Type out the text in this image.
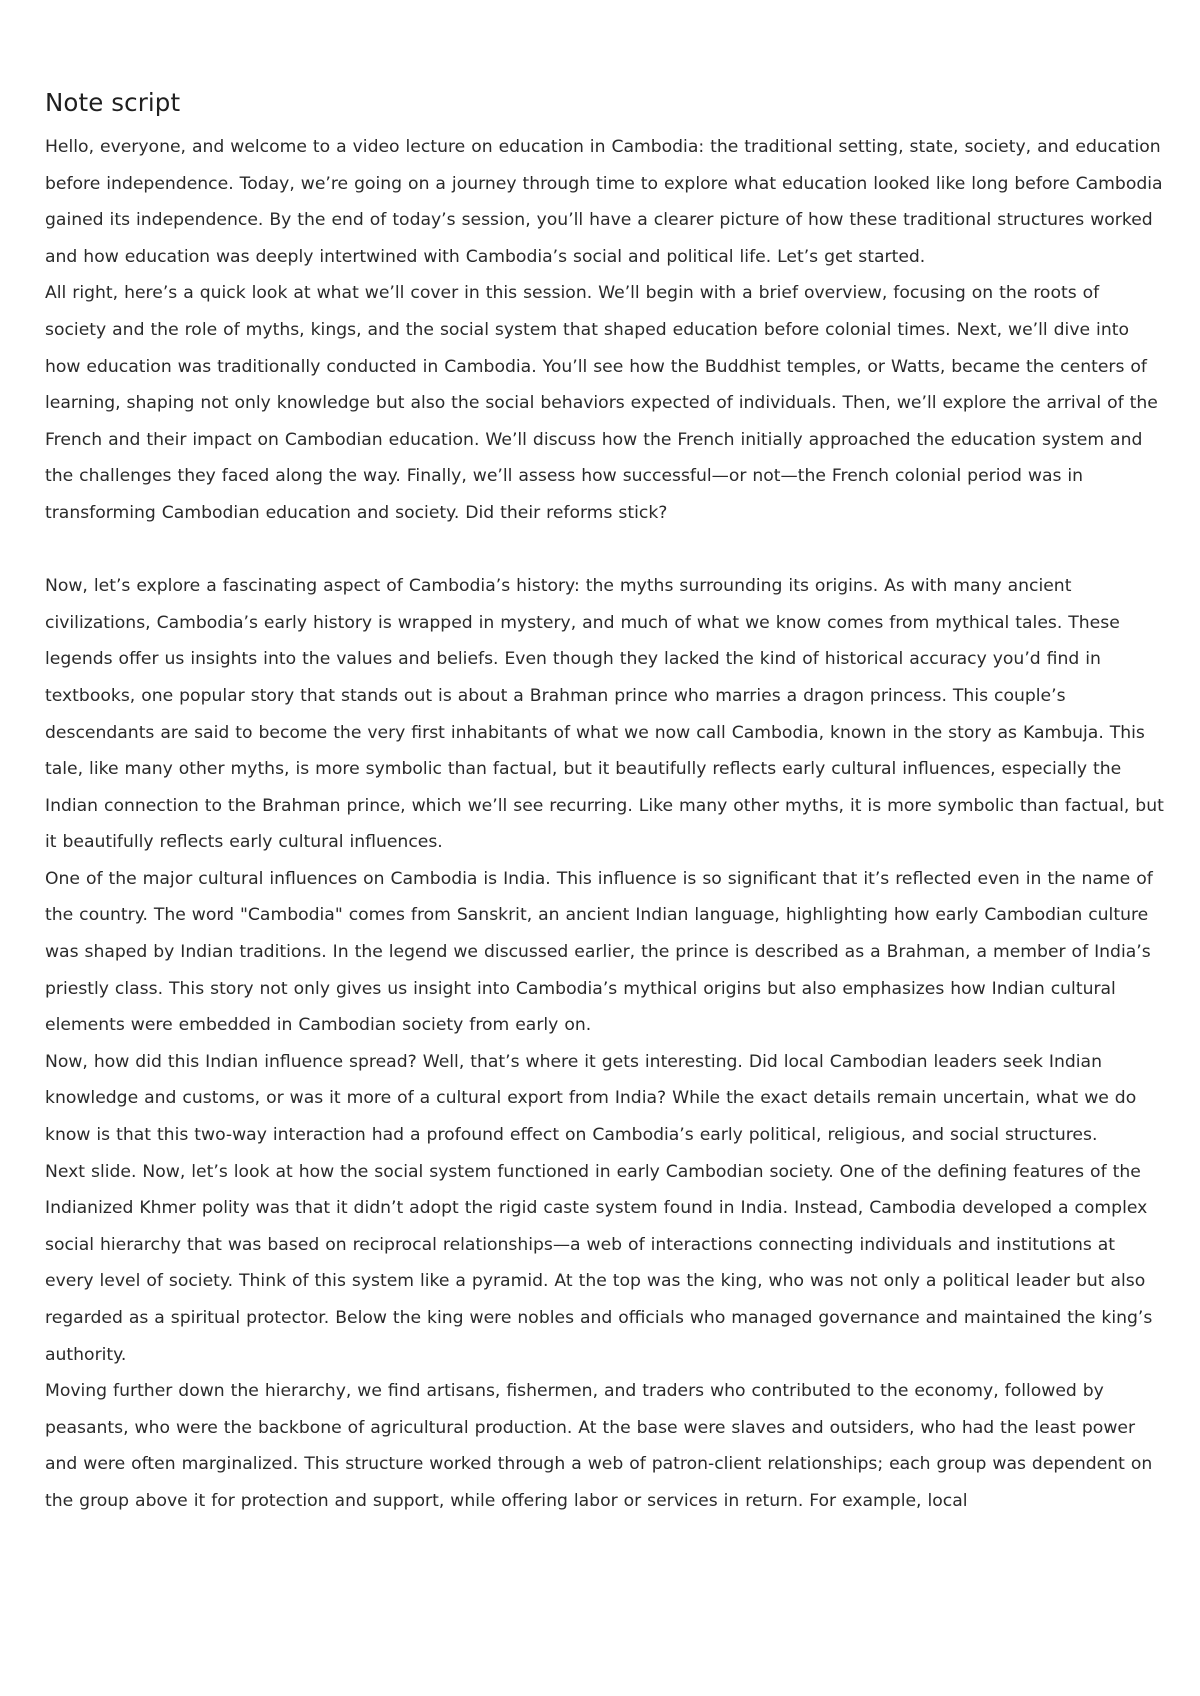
Note script

Hello, everyone, and welcome to a video lecture on education in Cambodia: the traditional setting, state, society, and education before independence. Today, we’re going on a journey through time to explore what education looked like long before Cambodia gained its independence. By the end of today’s session, you’ll have a clearer picture of how these traditional structures worked and how education was deeply intertwined with Cambodia’s social and political life. Let’s get started.

All right, here’s a quick look at what we’ll cover in this session. We’ll begin with a brief overview, focusing on the roots of society and the role of myths, kings, and the social system that shaped education before colonial times. Next, we’ll dive into how education was traditionally conducted in Cambodia. You’ll see how the Buddhist temples, or Watts, became the centers of learning, shaping not only knowledge but also the social behaviors expected of individuals. Then, we’ll explore the arrival of the French and their impact on Cambodian education. We’ll discuss how the French initially approached the education system and the challenges they faced along the way. Finally, we’ll assess how successful—or not—the French colonial period was in transforming Cambodian education and society. Did their reforms stick?

Now, let’s explore a fascinating aspect of Cambodia’s history: the myths surrounding its origins. As with many ancient civilizations, Cambodia’s early history is wrapped in mystery, and much of what we know comes from mythical tales. These legends offer us insights into the values and beliefs. Even though they lacked the kind of historical accuracy you’d find in textbooks, one popular story that stands out is about a Brahman prince who marries a dragon princess. This couple’s descendants are said to become the very first inhabitants of what we now call Cambodia, known in the story as Kambuja. This tale, like many other myths, is more symbolic than factual, but it beautifully reflects early cultural influences, especially the Indian connection to the Brahman prince, which we’ll see recurring. Like many other myths, it is more symbolic than factual, but it beautifully reflects early cultural influences.

One of the major cultural influences on Cambodia is India. This influence is so significant that it’s reflected even in the name of the country. The word "Cambodia" comes from Sanskrit, an ancient Indian language, highlighting how early Cambodian culture was shaped by Indian traditions. In the legend we discussed earlier, the prince is described as a Brahman, a member of India’s priestly class. This story not only gives us insight into Cambodia’s mythical origins but also emphasizes how Indian cultural elements were embedded in Cambodian society from early on.

Now, how did this Indian influence spread? Well, that’s where it gets interesting. Did local Cambodian leaders seek Indian knowledge and customs, or was it more of a cultural export from India? While the exact details remain uncertain, what we do know is that this two-way interaction had a profound effect on Cambodia’s early political, religious, and social structures.

Next slide. Now, let’s look at how the social system functioned in early Cambodian society. One of the defining features of the Indianized Khmer polity was that it didn’t adopt the rigid caste system found in India. Instead, Cambodia developed a complex social hierarchy that was based on reciprocal relationships—a web of interactions connecting individuals and institutions at every level of society. Think of this system like a pyramid. At the top was the king, who was not only a political leader but also regarded as a spiritual protector. Below the king were nobles and officials who managed governance and maintained the king’s authority.

Moving further down the hierarchy, we find artisans, fishermen, and traders who contributed to the economy, followed by peasants, who were the backbone of agricultural production. At the base were slaves and outsiders, who had the least power and were often marginalized. This structure worked through a web of patron-client relationships; each group was dependent on the group above it for protection and support, while offering labor or services in return. For example, local
